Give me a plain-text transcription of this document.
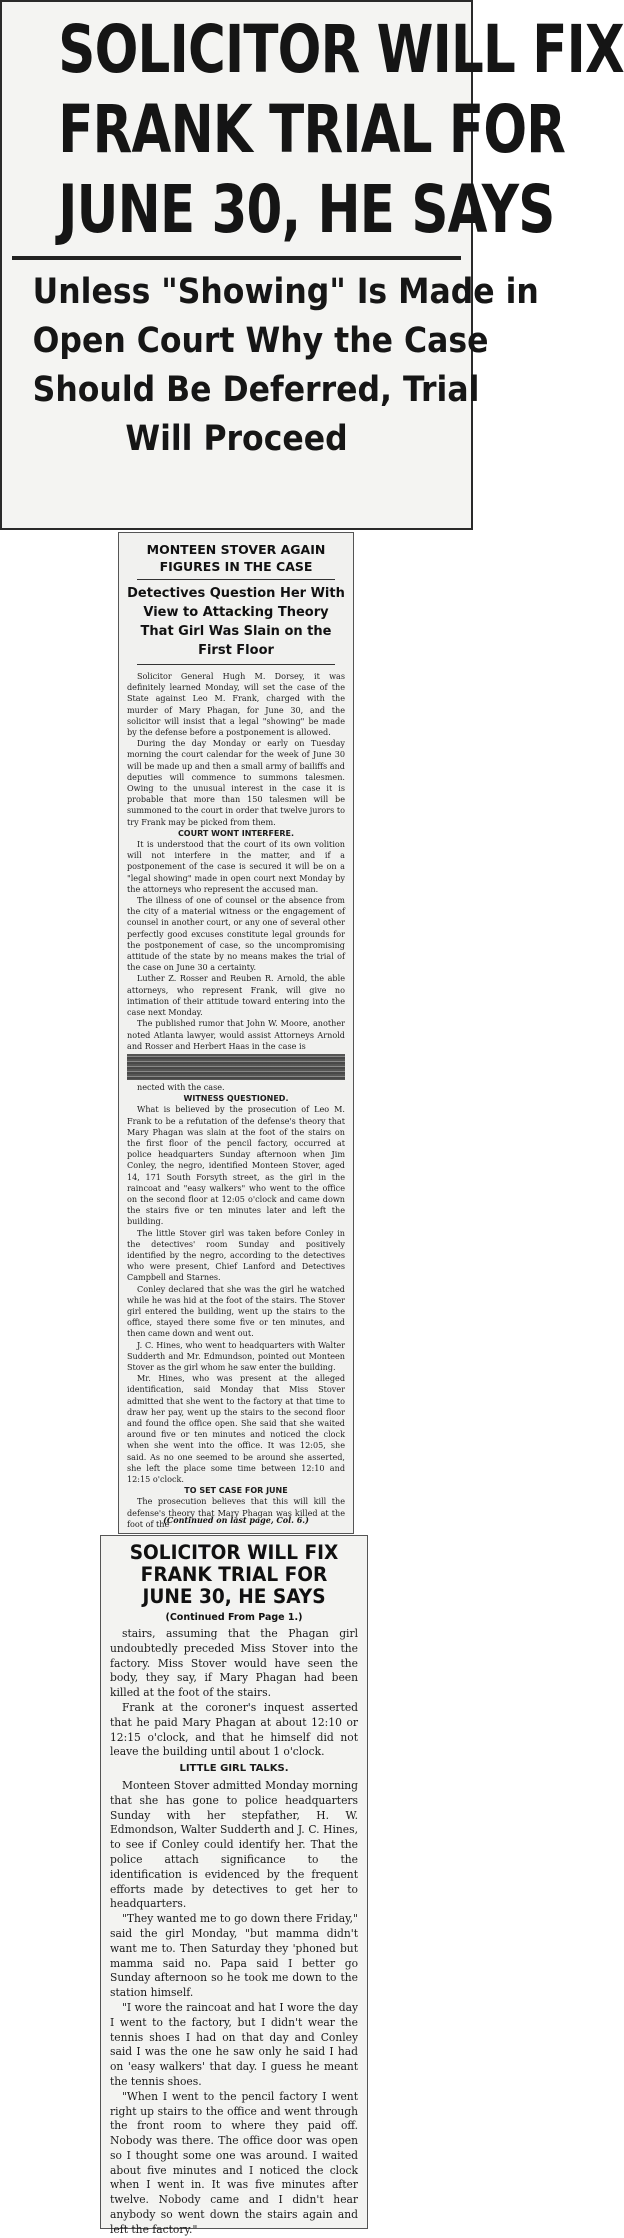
SOLICITOR WILL FIX
FRANK TRIAL FOR
JUNE 30, HE SAYS
Unless "Showing" Is Made in
Open Court Why the Case
Should Be Deferred, Trial
Will Proceed
MONTEEN STOVER AGAIN
FIGURES IN THE CASE
Detectives Question Her With
View to Attacking Theory
That Girl Was Slain on the
First Floor

Solicitor General Hugh M. Dorsey, it was definitely learned Monday, will set the case of the State against Leo M. Frank, charged with the murder of Mary Phagan, for June 30, and the solicitor will insist that a legal "showing" be made by the defense before a postponement is allowed.

During the day Monday or early on Tuesday morning the court calendar for the week of June 30 will be made up and then a small army of bailiffs and deputies will commence to summons talesmen. Owing to the unusual interest in the case it is probable that more than 150 talesmen will be summoned to the court in order that twelve jurors to try Frank may be picked from them.

COURT WONT INTERFERE.

It is understood that the court of its own volition will not interfere in the matter, and if a postponement of the case is secured it will be on a "legal showing" made in open court next Monday by the attorneys who represent the accused man.

The illness of one of counsel or the absence from the city of a material witness or the engagement of counsel in another court, or any one of several other perfectly good excuses constitute legal grounds for the postponement of case, so the uncompromising attitude of the state by no means makes the trial of the case on June 30 a certainty.

Luther Z. Rosser and Reuben R. Arnold, the able attorneys, who represent Frank, will give no intimation of their attitude toward entering into the case next Monday.

The published rumor that John W. Moore, another noted Atlanta lawyer, would assist Attorneys Arnold and Rosser and Herbert Haas in the case is

nected with the case.

WITNESS QUESTIONED.

What is believed by the prosecution of Leo M. Frank to be a refutation of the defense's theory that Mary Phagan was slain at the foot of the stairs on the first floor of the pencil factory, occurred at police headquarters Sunday afternoon when Jim Conley, the negro, identified Monteen Stover, aged 14, 171 South Forsyth street, as the girl in the raincoat and "easy walkers" who went to the office on the second floor at 12:05 o'clock and came down the stairs five or ten minutes later and left the building.

The little Stover girl was taken before Conley in the detectives' room Sunday and positively identified by the negro, according to the detectives who were present, Chief Lanford and Detectives Campbell and Starnes.

Conley declared that she was the girl he watched while he was hid at the foot of the stairs. The Stover girl entered the building, went up the stairs to the office, stayed there some five or ten minutes, and then came down and went out.

J. C. Hines, who went to headquarters with Walter Sudderth and Mr. Edmundson, pointed out Monteen Stover as the girl whom he saw enter the building.

Mr. Hines, who was present at the alleged identification, said Monday that Miss Stover admitted that she went to the factory at that time to draw her pay, went up the stairs to the second floor and found the office open. She said that she waited around five or ten minutes and noticed the clock when she went into the office. It was 12:05, she said. As no one seemed to be around she asserted, she left the place some time between 12:10 and 12:15 o'clock.

TO SET CASE FOR JUNE

The prosecution believes that this will kill the defense's theory that Mary Phagan was killed at the foot of the

(Continued on last page, Col. 6.)
SOLICITOR WILL FIX
FRANK TRIAL FOR
JUNE 30, HE SAYS
(Continued From Page 1.)

stairs, assuming that the Phagan girl undoubtedly preceded Miss Stover into the factory. Miss Stover would have seen the body, they say, if Mary Phagan had been killed at the foot of the stairs.

Frank at the coroner's inquest asserted that he paid Mary Phagan at about 12:10 or 12:15 o'clock, and that he himself did not leave the building until about 1 o'clock.

LITTLE GIRL TALKS.

Monteen Stover admitted Monday morning that she has gone to police headquarters Sunday with her stepfather, H. W. Edmondson, Walter Sudderth and J. C. Hines, to see if Conley could identify her. That the police attach significance to the identification is evidenced by the frequent efforts made by detectives to get her to headquarters.

"They wanted me to go down there Friday," said the girl Monday, "but mamma didn't want me to. Then Saturday they 'phoned but mamma said no. Papa said I better go Sunday afternoon so he took me down to the station himself.

"I wore the raincoat and hat I wore the day I went to the factory, but I didn't wear the tennis shoes I had on that day and Conley said I was the one he saw only he said I had on 'easy walkers' that day. I guess he meant the tennis shoes.

"When I went to the pencil factory I went right up stairs to the office and went through the front room to where they paid off. Nobody was there. The office door was open so I thought some one was around. I waited about five minutes and I noticed the clock when I went in. It was five minutes after twelve. Nobody came and I didn't hear anybody so went down the stairs again and left the factory."
